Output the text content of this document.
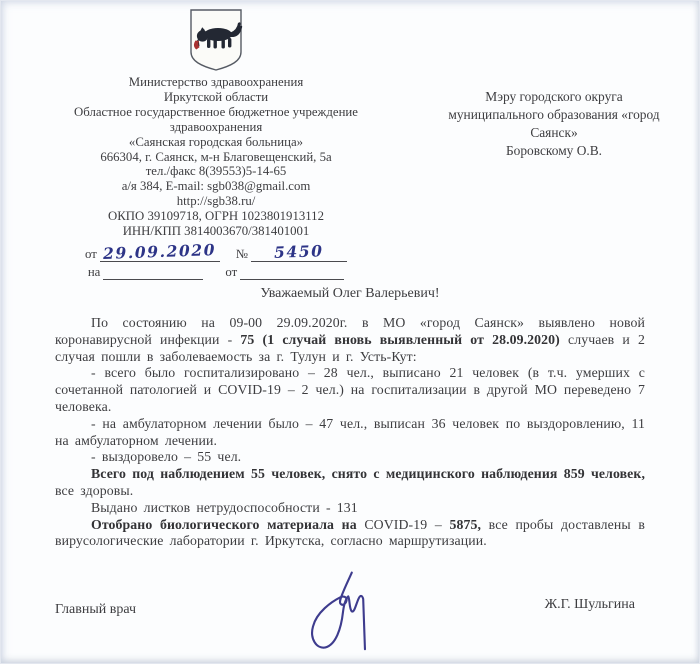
Министерство здравоохранения
Иркутской области
Областное государственное бюджетное учреждение
здравоохранения
«Саянская городская больница»
666304, г. Саянск, м-н Благовещенский, 5а
тел./факс 8(39553)5-14-65
а/я 384, E-mail: sgb038@gmail.com
http://sgb38.ru/
ОКПО 39109718, ОГРН 1023801913112
ИНН/КПП 3814003670/381401001
от 29.09.2020 №	5450
на	от
Мэру городского округа
муниципального образования «город
Саянск»
Боровскому О.В.
Уважаемый Олег Валерьевич!

По состоянию на 09-00 29.09.2020г. в МО «город Саянск» выявлено новой коронавирусной инфекции - 75 (1 случай вновь выявленный от 28.09.2020) случаев и 2 случая пошли в заболеваемость за г. Тулун и г. Усть-Кут:

- всего было госпитализировано – 28 чел., выписано 21 человек (в т.ч. умерших с сочетанной патологией и COVID-19 – 2 чел.) на госпитализации в другой МО переведено 7 человека.

- на амбулаторном лечении было – 47 чел., выписан 36 человек по выздоровлению, 11 на амбулаторном лечении.

- выздоровело – 55 чел.

Всего под наблюдением 55 человек, снято с медицинского наблюдения 859 человек, все здоровы.

Выдано листков нетрудоспособности - 131

Отобрано биологического материала на COVID-19 – 5875, все пробы доставлены в вирусологические лаборатории г. Иркутска, согласно маршрутизации.

Главный врач	Ж.Г. Шульгина
